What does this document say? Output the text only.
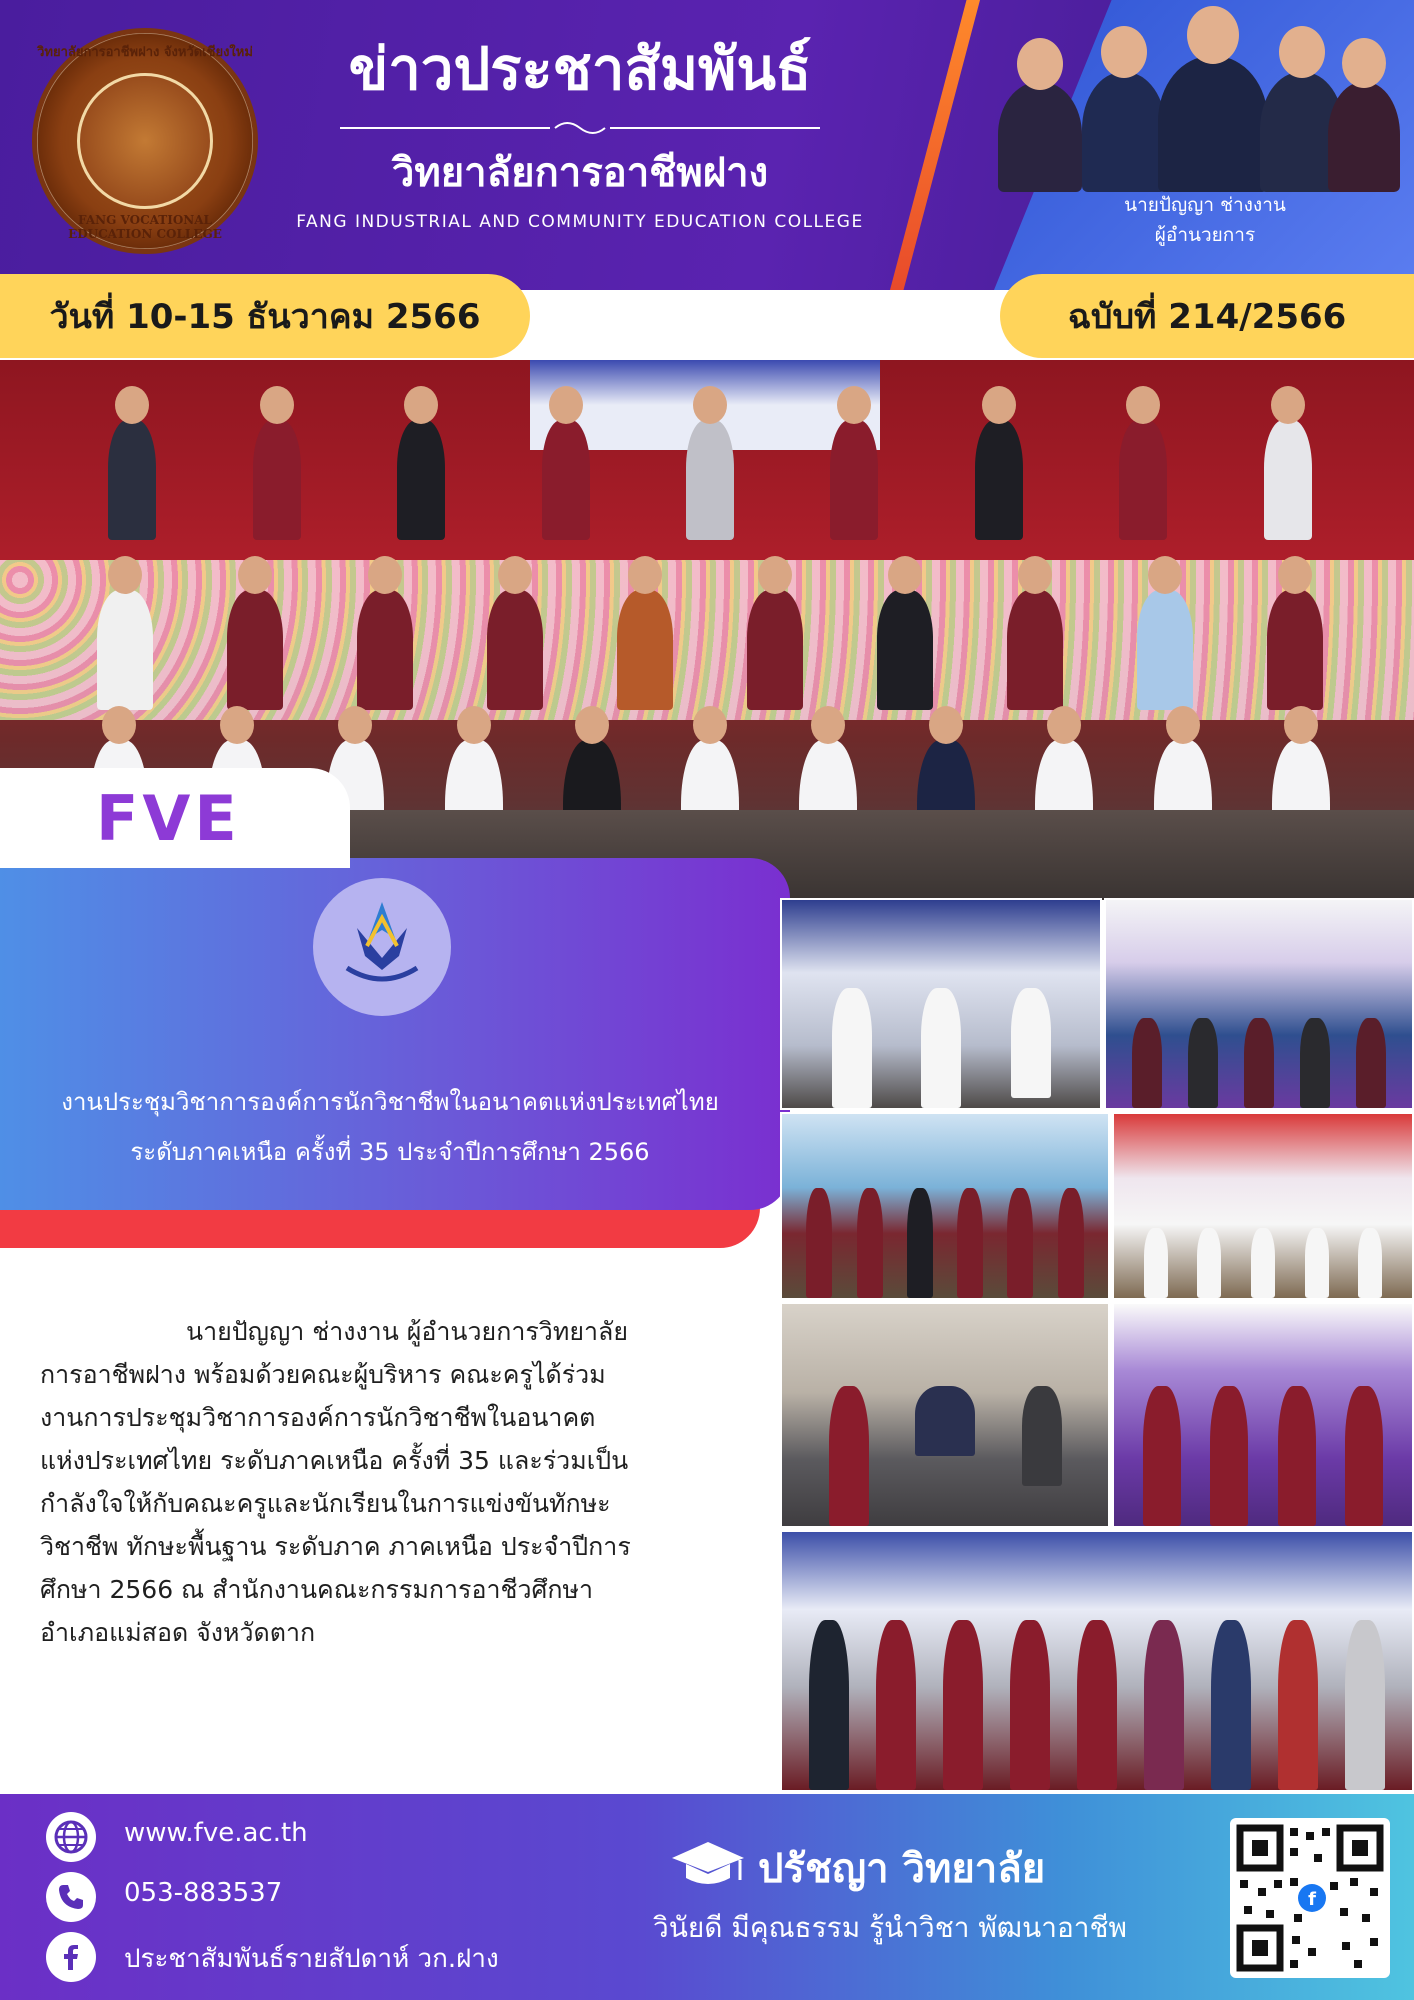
วิทยาลัยการอาชีพฝาง จังหวัดเชียงใหม่
FANG VOCATIONAL EDUCATION COLLEGE
ข่าวประชาสัมพันธ์
วิทยาลัยการอาชีพฝาง
FANG INDUSTRIAL AND COMMUNITY EDUCATION COLLEGE
นายปัญญา ช่างงาน
ผู้อำนวยการ
วันที่ 10-15 ธันวาคม 2566	ฉบับที่ 214/2566
FVE
งานประชุมวิชาการองค์การนักวิชาชีพในอนาคตแห่งประเทศไทย
ระดับภาคเหนือ ครั้งที่ 35 ประจำปีการศึกษา 2566
นายปัญญา ช่างงาน ผู้อำนวยการวิทยาลัย
การอาชีพฝาง พร้อมด้วยคณะผู้บริหาร คณะครูได้ร่วม
งานการประชุมวิชาการองค์การนักวิชาชีพในอนาคต
แห่งประเทศไทย ระดับภาคเหนือ ครั้งที่ 35 และร่วมเป็น
กำลังใจให้กับคณะครูและนักเรียนในการแข่งขันทักษะ
วิชาชีพ ทักษะพื้นฐาน ระดับภาค ภาคเหนือ ประจำปีการ
ศึกษา 2566 ณ สำนักงานคณะกรรมการอาชีวศึกษา
อำเภอแม่สอด จังหวัดตาก
www.fve.ac.th
053-883537
ประชาสัมพันธ์รายสัปดาห์ วก.ฝาง
ปรัชญา วิทยาลัย
วินัยดี มีคุณธรรม รู้นำวิชา พัฒนาอาชีพ
f
